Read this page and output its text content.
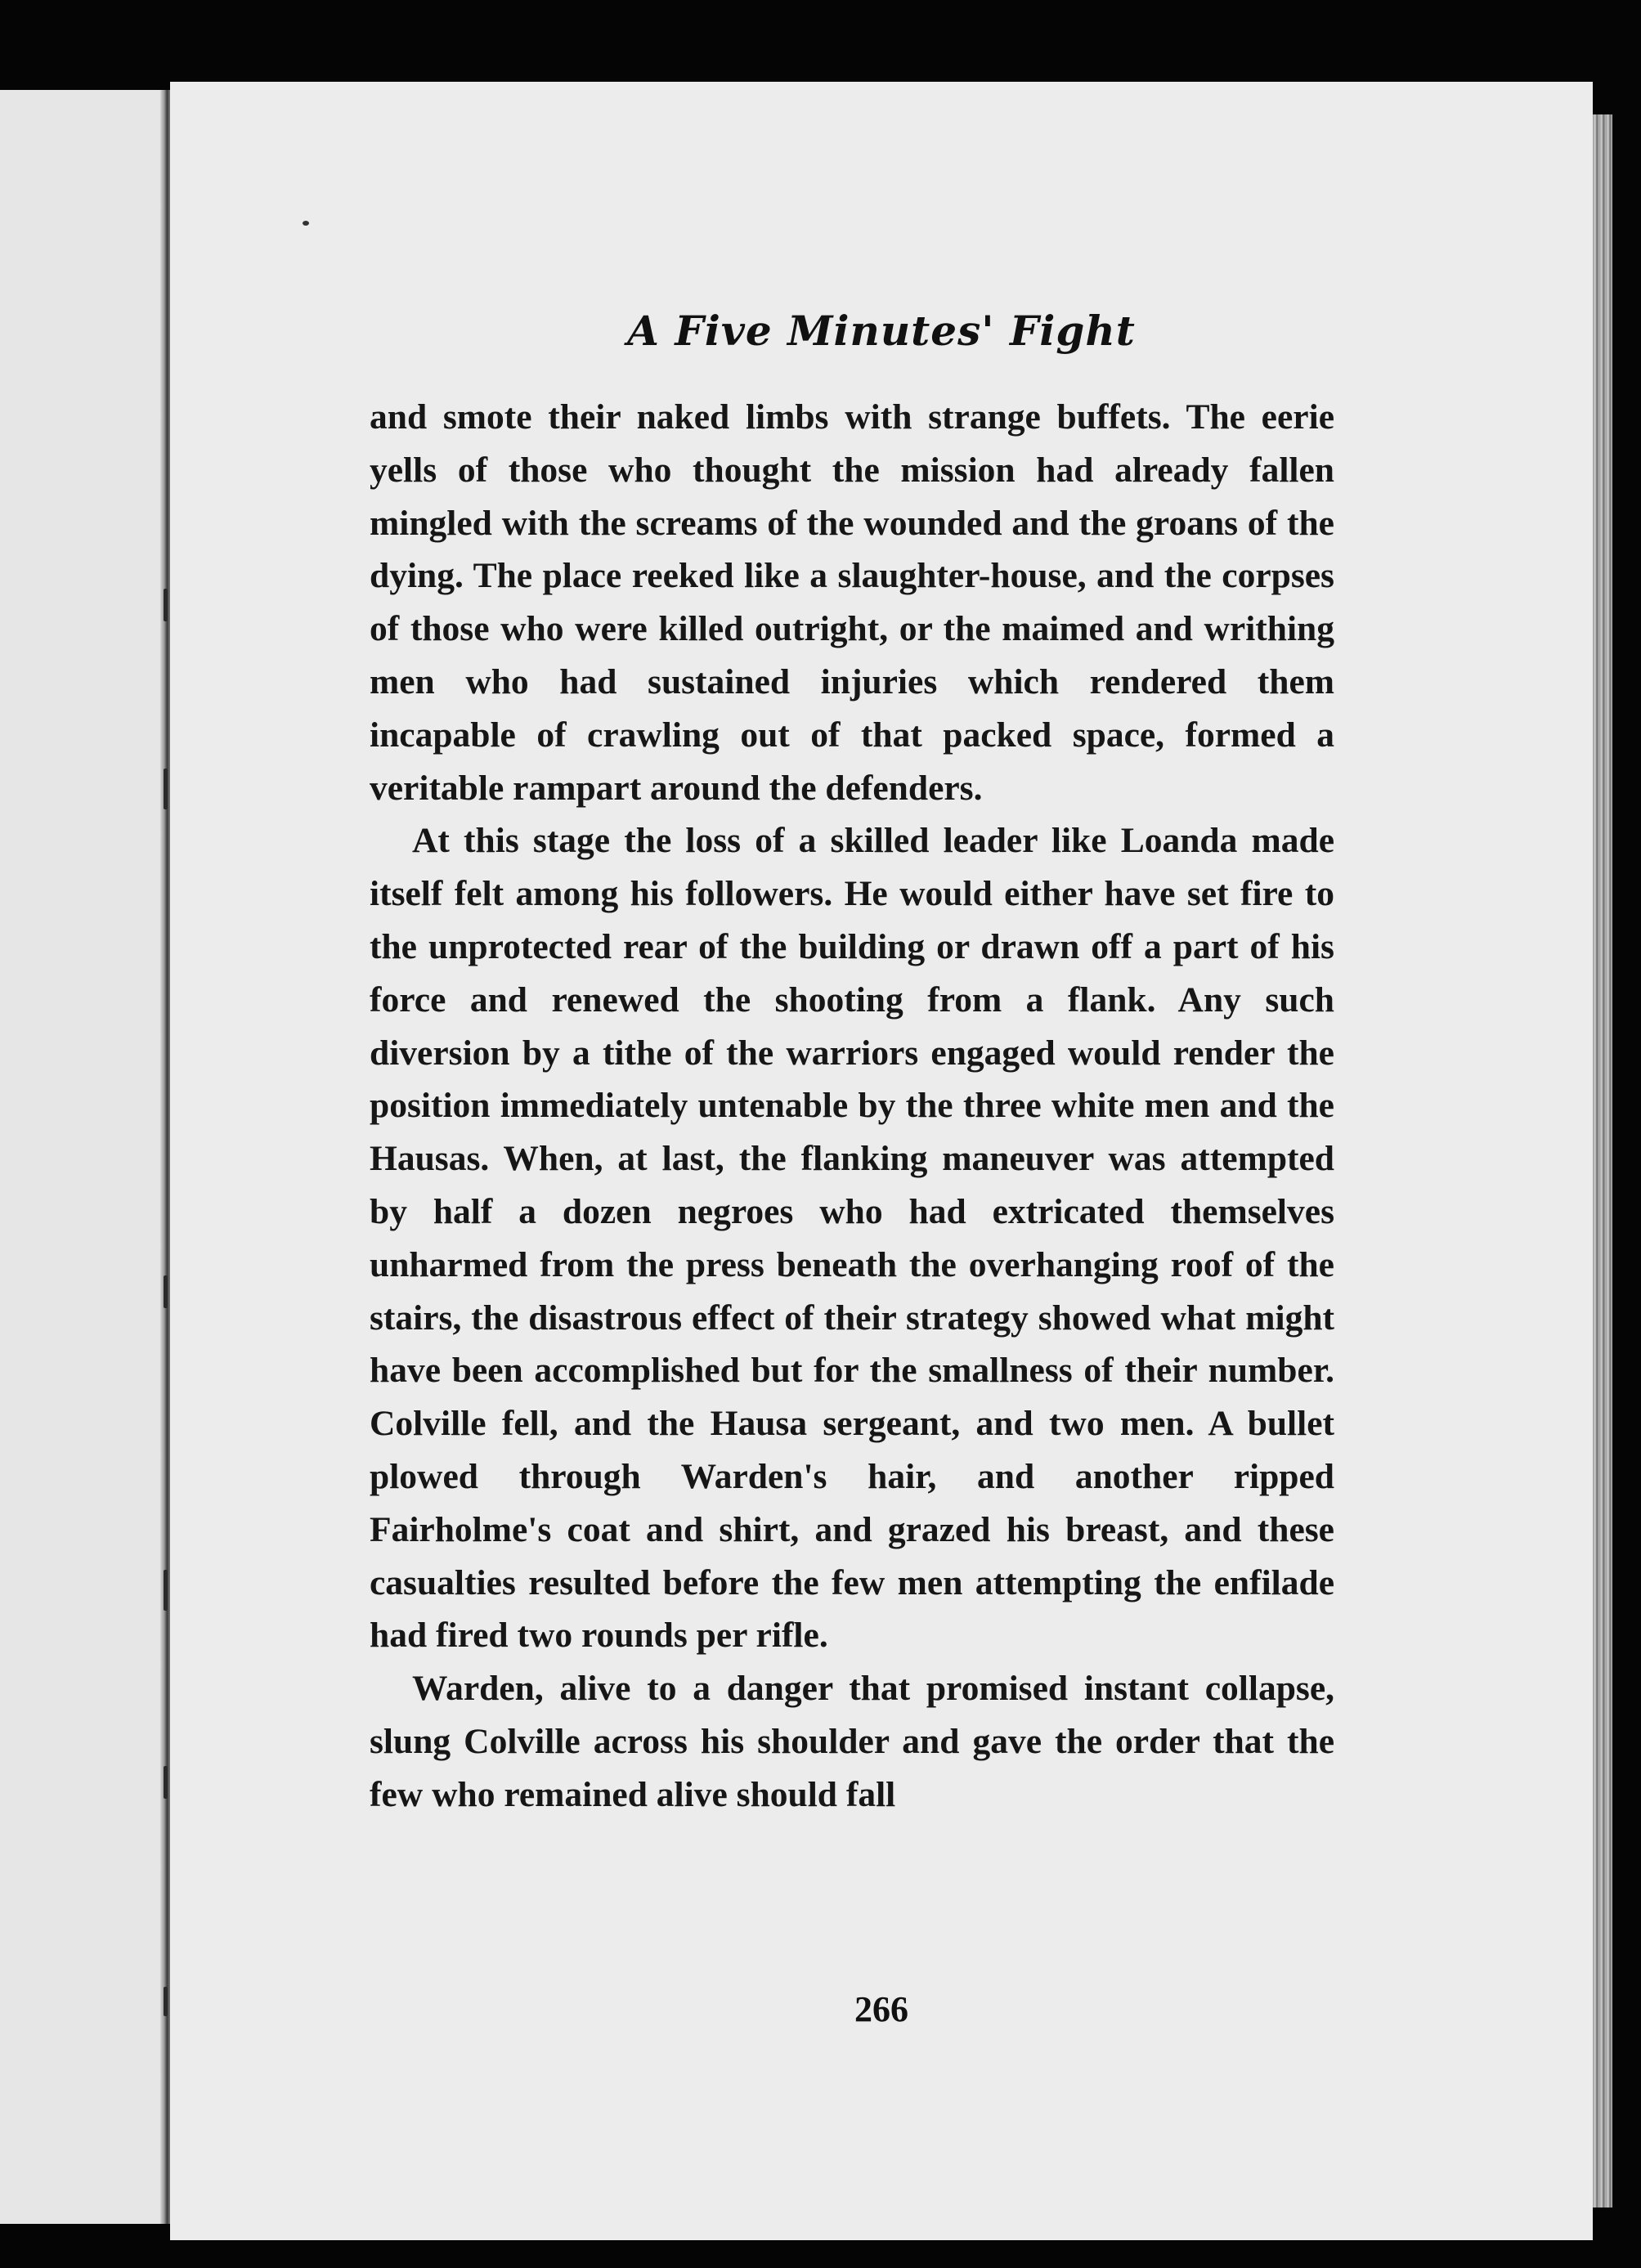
A Five Minutes' Fight

and smote their naked limbs with strange buffets. The eerie yells of those who thought the mission had already fallen mingled with the screams of the wounded and the groans of the dying. The place reeked like a slaughter-house, and the corpses of those who were killed outright, or the maimed and writhing men who had sustained injuries which rendered them incapable of crawling out of that packed space, formed a veritable rampart around the defenders.

At this stage the loss of a skilled leader like Loanda made itself felt among his followers. He would either have set fire to the unprotected rear of the building or drawn off a part of his force and renewed the shooting from a flank. Any such diversion by a tithe of the warriors engaged would render the position immediately untenable by the three white men and the Hausas. When, at last, the flanking maneuver was attempted by half a dozen negroes who had extricated themselves unharmed from the press beneath the overhanging roof of the stairs, the disastrous effect of their strategy showed what might have been accomplished but for the smallness of their number. Colville fell, and the Hausa sergeant, and two men. A bullet plowed through Warden's hair, and another ripped Fairholme's coat and shirt, and grazed his breast, and these casualties resulted before the few men attempting the enfilade had fired two rounds per rifle.

Warden, alive to a danger that promised instant collapse, slung Colville across his shoulder and gave the order that the few who remained alive should fall

266
